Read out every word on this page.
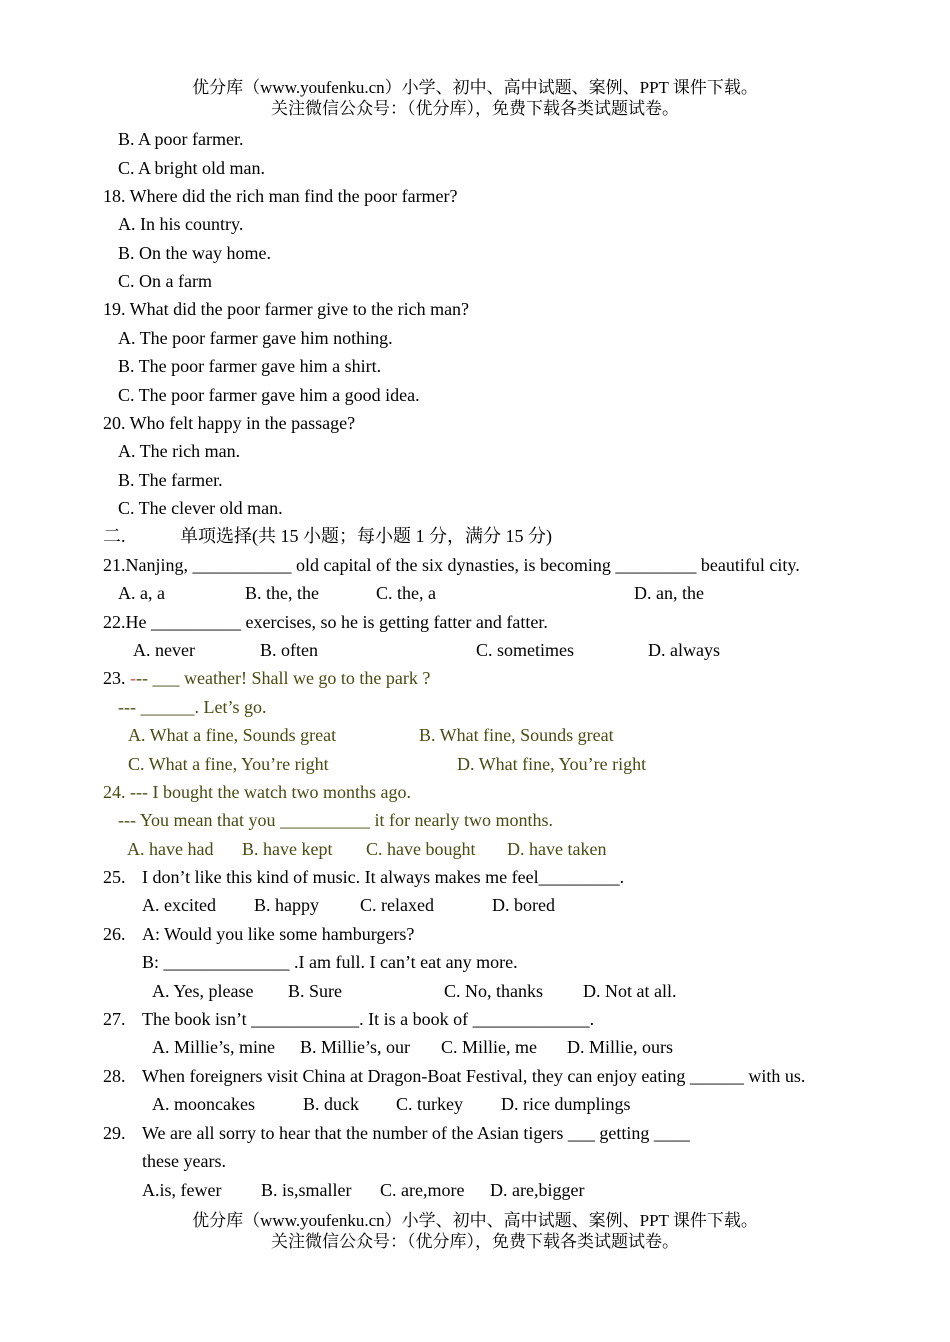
优分库（www.youfenku.cn）小学、初中、高中试题、案例、PPT 课件下载。
关注微信公众号：（优分库），免费下载各类试题试卷。
B. A poor farmer.
C. A bright old man.
18. Where did the rich man find the poor farmer?
A. In his country.
B. On the way home.
C. On a farm
19. What did the poor farmer give to the rich man?
A. The poor farmer gave him nothing.
B. The poor farmer gave him a shirt.
C. The poor farmer gave him a good idea.
20. Who felt happy in the passage?
A. The rich man.
B. The farmer.
C. The clever old man.
二.	单项选择(共 15 小题；每小题 1 分，满分 15 分)
21.Nanjing, ___________ old capital of the six dynasties, is becoming _________ beautiful city.
A. a, a	B. the, the	C. the, a	D. an, the
22.He __________ exercises, so he is getting fatter and fatter.
A. never	B. often	C. sometimes	D. always
23. --- ___ weather! Shall we go to the park ?
--- ______. Let’s go.
A. What a fine, Sounds great	B. What fine, Sounds great
C. What a fine, You’re right	D. What fine, You’re right
24. --- I bought the watch two months ago.
--- You mean that you __________ it for nearly two months.
A. have had B. have kept C. have bought D. have taken
25. I don’t like this kind of music. It always makes me feel_________.
A. excited B. happy C. relaxed	D. bored
26. A: Would you like some hamburgers?
B: ______________ .I am full. I can’t eat any more.
A. Yes, please B. Sure	C. No, thanks D. Not at all.
27. The book isn’t ____________. It is a book of _____________.
A. Millie’s, mine B. Millie’s, our C. Millie, me D. Millie, ours
28. When foreigners visit China at Dragon-Boat Festival, they can enjoy eating ______ with us.
A. mooncakes	B. duck C. turkey D. rice dumplings
29. We are all sorry to hear that the number of the Asian tigers ___ getting ____
these years.
A.is, fewer B. is,smaller C. are,more D. are,bigger
优分库（www.youfenku.cn）小学、初中、高中试题、案例、PPT 课件下载。
关注微信公众号：（优分库），免费下载各类试题试卷。
